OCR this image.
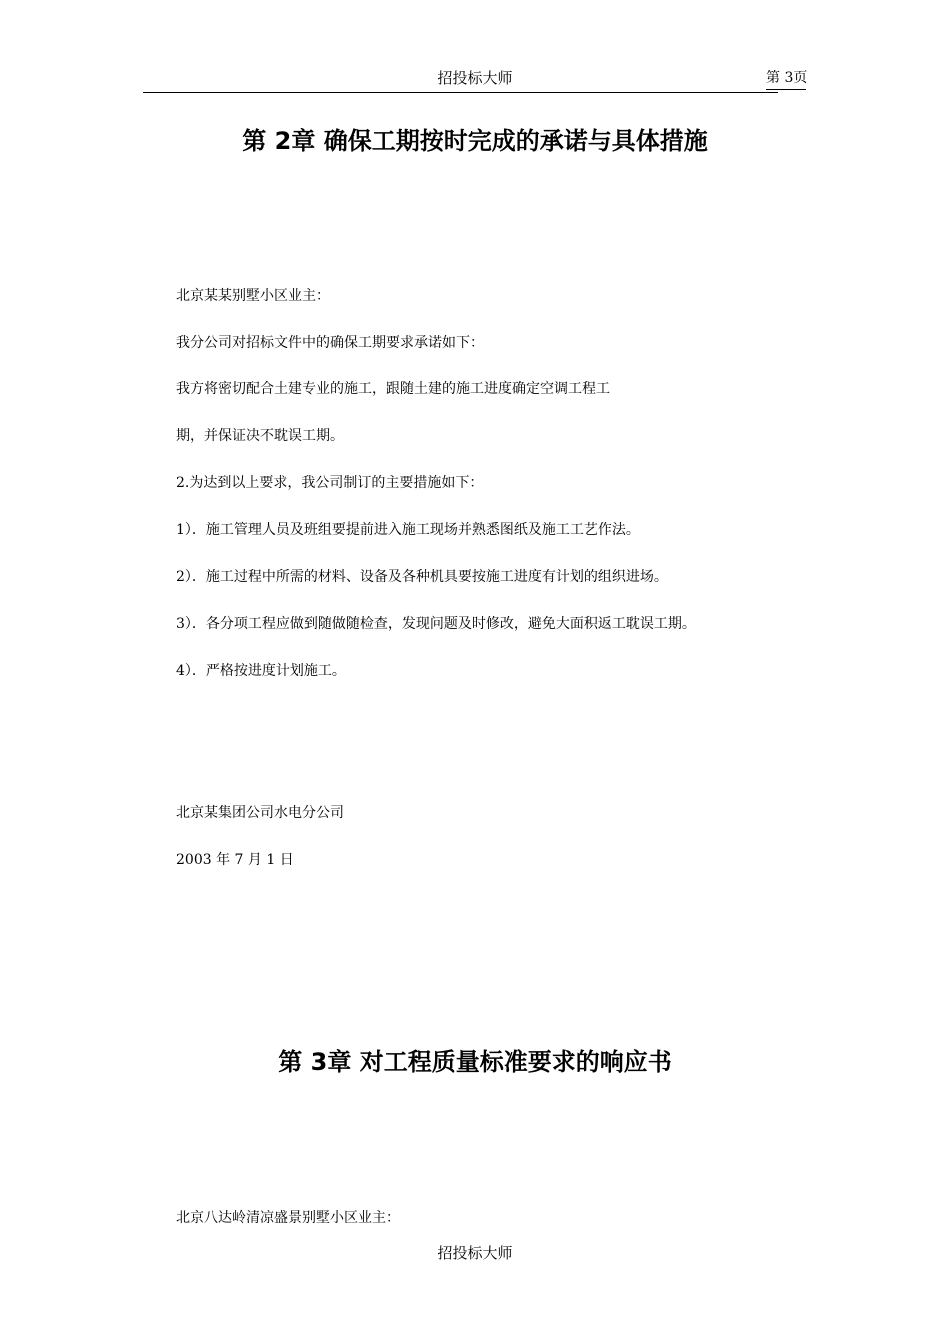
招投标大师	第 3页
第 2章 确保工期按时完成的承诺与具体措施
北京某某别墅小区业主：
我分公司对招标文件中的确保工期要求承诺如下：
我方将密切配合土建专业的施工，跟随土建的施工进度确定空调工程工
期，并保证决不耽误工期。
2.为达到以上要求，我公司制订的主要措施如下：
1）．施工管理人员及班组要提前进入施工现场并熟悉图纸及施工工艺作法。
2）．施工过程中所需的材料、设备及各种机具要按施工进度有计划的组织进场。
3）．各分项工程应做到随做随检查，发现问题及时修改，避免大面积返工耽误工期。
4）．严格按进度计划施工。
北京某集团公司水电分公司
2003 年 7 月 1 日
第 3章 对工程质量标准要求的响应书
北京八达岭清凉盛景别墅小区业主：
招投标大师
